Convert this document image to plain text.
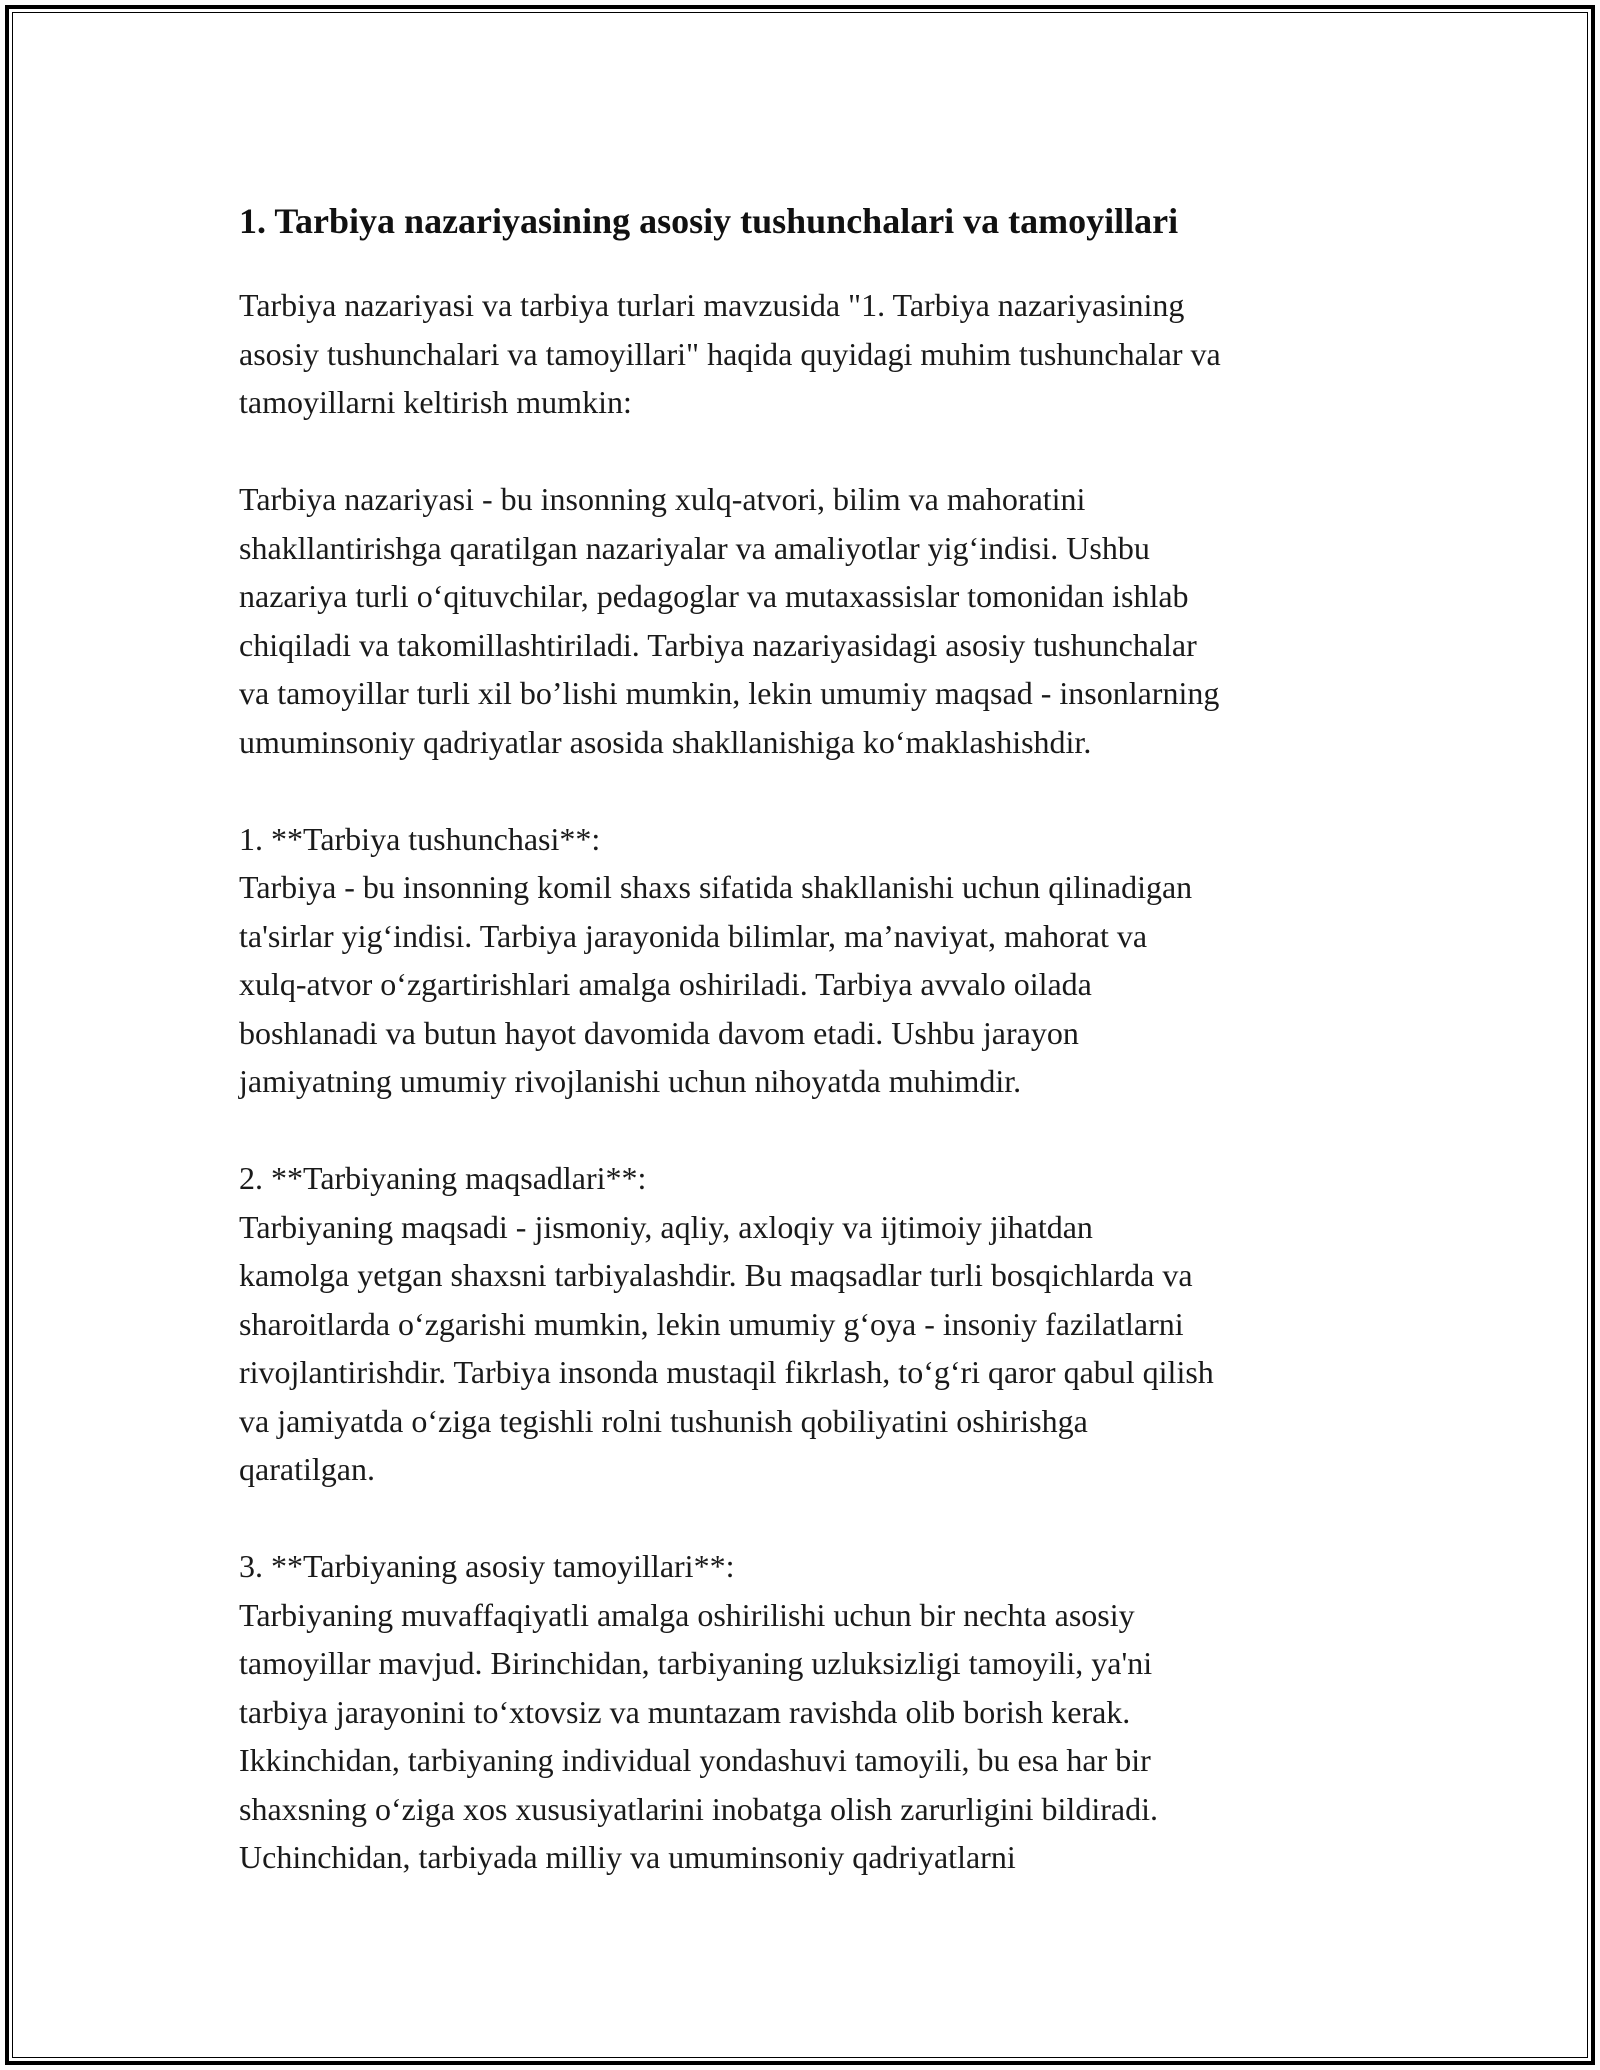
1. Tarbiya nazariyasining asosiy tushunchalari va tamoyillari

Tarbiya nazariyasi va tarbiya turlari mavzusida "1. Tarbiya nazariyasining
asosiy tushunchalari va tamoyillari" haqida quyidagi muhim tushunchalar va
tamoyillarni keltirish mumkin:

Tarbiya nazariyasi - bu insonning xulq-atvori, bilim va mahoratini
shakllantirishga qaratilgan nazariyalar va amaliyotlar yig‘indisi. Ushbu
nazariya turli o‘qituvchilar, pedagoglar va mutaxassislar tomonidan ishlab
chiqiladi va takomillashtiriladi. Tarbiya nazariyasidagi asosiy tushunchalar
va tamoyillar turli xil bo’lishi mumkin, lekin umumiy maqsad - insonlarning
umuminsoniy qadriyatlar asosida shakllanishiga ko‘maklashishdir.

1. **Tarbiya tushunchasi**:

Tarbiya - bu insonning komil shaxs sifatida shakllanishi uchun qilinadigan
ta'sirlar yig‘indisi. Tarbiya jarayonida bilimlar, ma’naviyat, mahorat va
xulq-atvor o‘zgartirishlari amalga oshiriladi. Tarbiya avvalo oilada
boshlanadi va butun hayot davomida davom etadi. Ushbu jarayon
jamiyatning umumiy rivojlanishi uchun nihoyatda muhimdir.

2. **Tarbiyaning maqsadlari**:

Tarbiyaning maqsadi - jismoniy, aqliy, axloqiy va ijtimoiy jihatdan
kamolga yetgan shaxsni tarbiyalashdir. Bu maqsadlar turli bosqichlarda va
sharoitlarda o‘zgarishi mumkin, lekin umumiy g‘oya - insoniy fazilatlarni
rivojlantirishdir. Tarbiya insonda mustaqil fikrlash, to‘g‘ri qaror qabul qilish
va jamiyatda o‘ziga tegishli rolni tushunish qobiliyatini oshirishga
qaratilgan.

3. **Tarbiyaning asosiy tamoyillari**:

Tarbiyaning muvaffaqiyatli amalga oshirilishi uchun bir nechta asosiy
tamoyillar mavjud. Birinchidan, tarbiyaning uzluksizligi tamoyili, ya'ni
tarbiya jarayonini to‘xtovsiz va muntazam ravishda olib borish kerak.
Ikkinchidan, tarbiyaning individual yondashuvi tamoyili, bu esa har bir
shaxsning o‘ziga xos xususiyatlarini inobatga olish zarurligini bildiradi.
Uchinchidan, tarbiyada milliy va umuminsoniy qadriyatlarni
